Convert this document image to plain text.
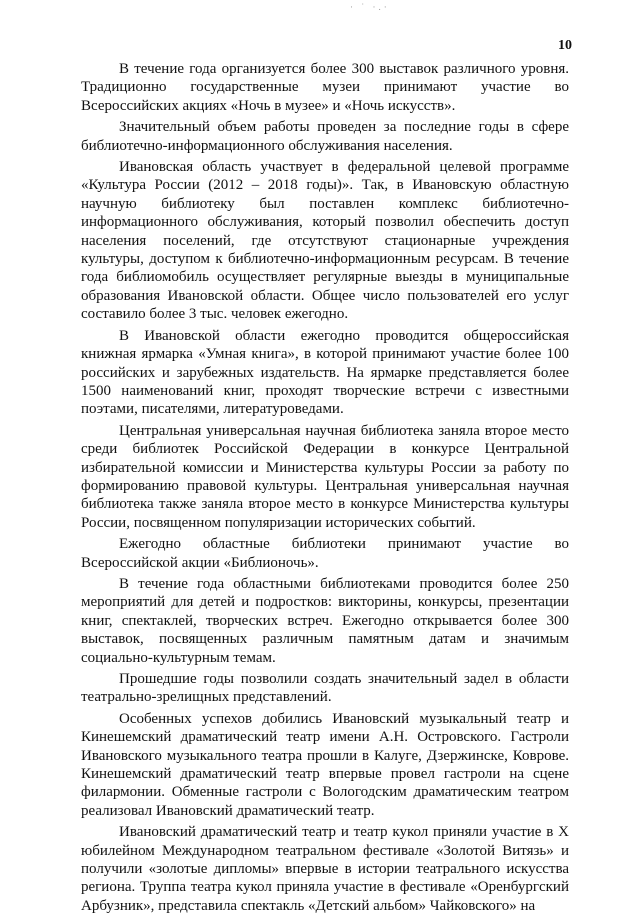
· ˙ ·.·
10

В течение года организуется более 300 выставок различного уровня. Традиционно государственные музеи принимают участие во Всероссийских акциях «Ночь в музее» и «Ночь искусств».

Значительный объем работы проведен за последние годы в сфере библиотечно-информационного обслуживания населения.

Ивановская область участвует в федеральной целевой программе «Культура России (2012 – 2018 годы)». Так, в Ивановскую областную научную библиотеку был поставлен комплекс библиотечно-информационного обслуживания, который позволил обеспечить доступ населения поселений, где отсутствуют стационарные учреждения культуры, доступом к библиотечно-информационным ресурсам. В течение года библиомобиль осуществляет регулярные выезды в муниципальные образования Ивановской области. Общее число пользователей его услуг составило более 3 тыс. человек ежегодно.

В Ивановской области ежегодно проводится общероссийская книжная ярмарка «Умная книга», в которой принимают участие более 100 российских и зарубежных издательств. На ярмарке представляется более 1500 наименований книг, проходят творческие встречи с известными поэтами, писателями, литературоведами.

Центральная универсальная научная библиотека заняла второе место среди библиотек Российской Федерации в конкурсе Центральной избирательной комиссии и Министерства культуры России за работу по формированию правовой культуры. Центральная универсальная научная библиотека также заняла второе место в конкурсе Министерства культуры России, посвященном популяризации исторических событий.

Ежегодно областные библиотеки принимают участие во Всероссийской акции «Библионочь».

В течение года областными библиотеками проводится более 250 мероприятий для детей и подростков: викторины, конкурсы, презентации книг, спектаклей, творческих встреч. Ежегодно открывается более 300 выставок, посвященных различным памятным датам и значимым социально-культурным темам.

Прошедшие годы позволили создать значительный задел в области театрально-зрелищных представлений.

Особенных успехов добились Ивановский музыкальный театр и Кинешемский драматический театр имени А.Н. Островского. Гастроли Ивановского музыкального театра прошли в Калуге, Дзержинске, Коврове. Кинешемский драматический театр впервые провел гастроли на сцене филармонии. Обменные гастроли с Вологодским драматическим театром реализовал Ивановский драматический театр.

Ивановский драматический театр и театр кукол приняли участие в X юбилейном Международном театральном фестивале «Золотой Витязь» и получили «золотые дипломы» впервые в истории театрального искусства региона. Труппа театра кукол приняла участие в фестивале «Оренбургский Арбузник», представила спектакль «Детский альбом» Чайковского» на
